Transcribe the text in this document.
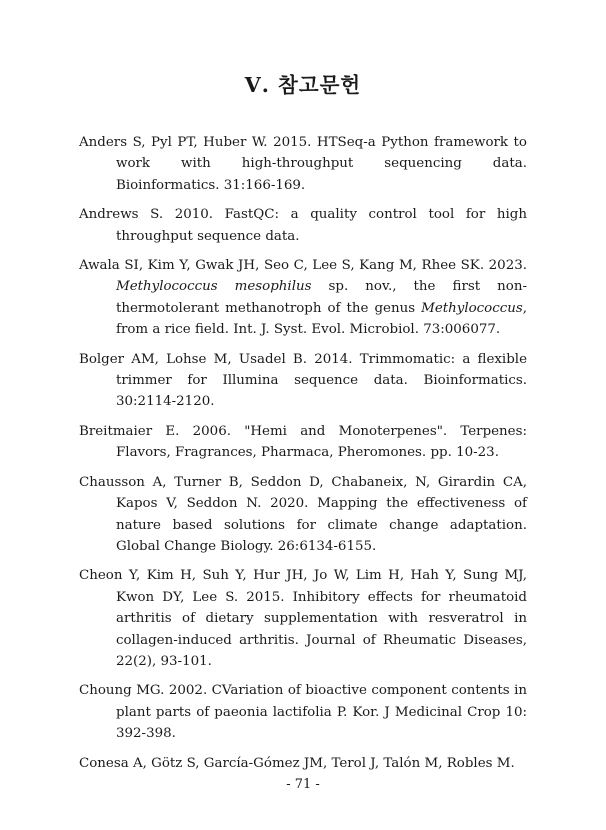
Ⅴ. 참고문헌

Anders S, Pyl PT, Huber W. 2015. HTSeq-a Python framework to work with high-throughput sequencing data. Bioinformatics. 31:166-169.

Andrews S. 2010. FastQC: a quality control tool for high throughput sequence data.

Awala SI, Kim Y, Gwak JH, Seo C, Lee S, Kang M, Rhee SK. 2023. Methylococcus mesophilus sp. nov., the first non-thermotolerant methanotroph of the genus Methylococcus, from a rice field. Int. J. Syst. Evol. Microbiol. 73:006077.

Bolger AM, Lohse M, Usadel B. 2014. Trimmomatic: a flexible trimmer for Illumina sequence data. Bioinformatics. 30:2114-2120.

Breitmaier E. 2006. "Hemi and Monoterpenes". Terpenes: Flavors, Fragrances, Pharmaca, Pheromones. pp. 10-23.

Chausson A, Turner B, Seddon D, Chabaneix, N, Girardin CA, Kapos V, Seddon N. 2020. Mapping the effectiveness of nature based solutions for climate change adaptation. Global Change Biology. 26:6134-6155.

Cheon Y, Kim H, Suh Y, Hur JH, Jo W, Lim H, Hah Y, Sung MJ, Kwon DY, Lee S. 2015. Inhibitory effects for rheumatoid arthritis of dietary supplementation with resveratrol in collagen-induced arthritis. Journal of Rheumatic Diseases, 22(2), 93-101.

Choung MG. 2002. CVariation of bioactive component contents in plant parts of paeonia lactifolia P. Kor. J Medicinal Crop 10: 392-398.

Conesa A, Götz S, García-Gómez JM, Terol J, Talón M, Robles M.

- 71 -
